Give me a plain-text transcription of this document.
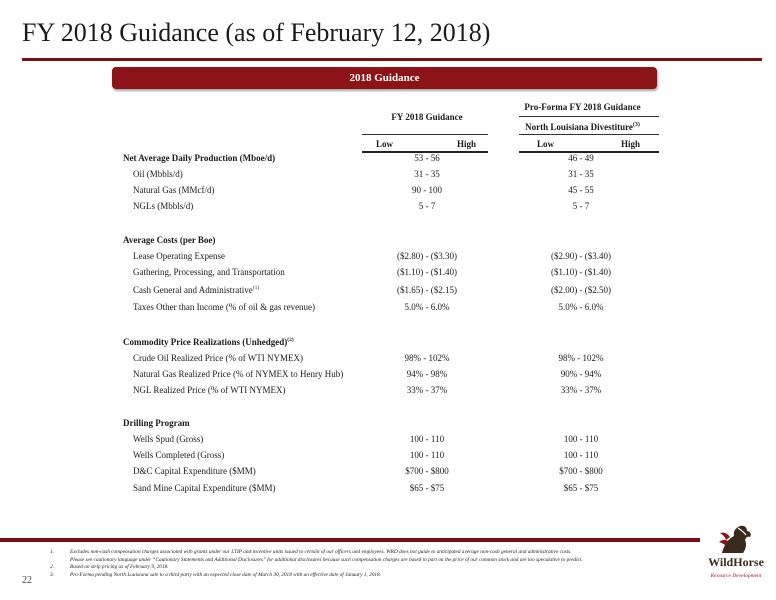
FY 2018 Guidance (as of February 12, 2018)
2018 Guidance
FY 2018 Guidance
Pro-Forma FY 2018 Guidance
North Louisiana Divestiture$^{(3)}$
Low	High	Low	High
Net Average Daily Production (Mboe/d)	53 - 56	46 - 49
Oil (Mbbls/d)	31 - 35	31 - 35
Natural Gas (MMcf/d)	90 - 100	45 - 55
NGLs (Mbbls/d)	5 - 7	5 - 7
Average Costs (per Boe)
Lease Operating Expense	($2.80) - ($3.30)	($2.90) - ($3.40)
Gathering, Processing, and Transportation	($1.10) - ($1.40)	($1.10) - ($1.40)
Cash General and Administrative$^{(1)}$	($1.65) - ($2.15)	($2.00) - ($2.50)
Taxes Other than Income (% of oil & gas revenue)	5.0% - 6.0%	5.0% - 6.0%
Commodity Price Realizations (Unhedged)$^{(2)}$
Crude Oil Realized Price (% of WTI NYMEX)	98% - 102%	98% - 102%
Natural Gas Realized Price (% of NYMEX to Henry Hub)	94% - 98%	90% - 94%
NGL Realized Price (% of WTI NYMEX)	33% - 37%	33% - 37%
Drilling Program
Wells Spud (Gross)	100 - 110	100 - 110
Wells Completed (Gross)	100 - 110	100 - 110
D&C Capital Expenditure ($MM)	$700 - $800	$700 - $800
Sand Mine Capital Expenditure ($MM)	$65 - $75	$65 - $75
1.	Excludes non-cash compensation charges associated with grants under our LTIP and incentive units issued to certain of our officers and employees. WRD does not guide to anticipated average non-cash general and administrative costs.
Please see cautionary language under “Cautionary Statements and Additional Disclosures” for additional disclosures because such compensation charges are based in part on the price of our common stock and are too speculative to predict.
2.	Based on strip pricing as of February 9, 2018.
3.	Pro-Forma pending North Louisiana sale to a third party with an expected close date of March 30, 2018 with an effective date of January 1, 2018.
22
WildHorse
Resource Development
